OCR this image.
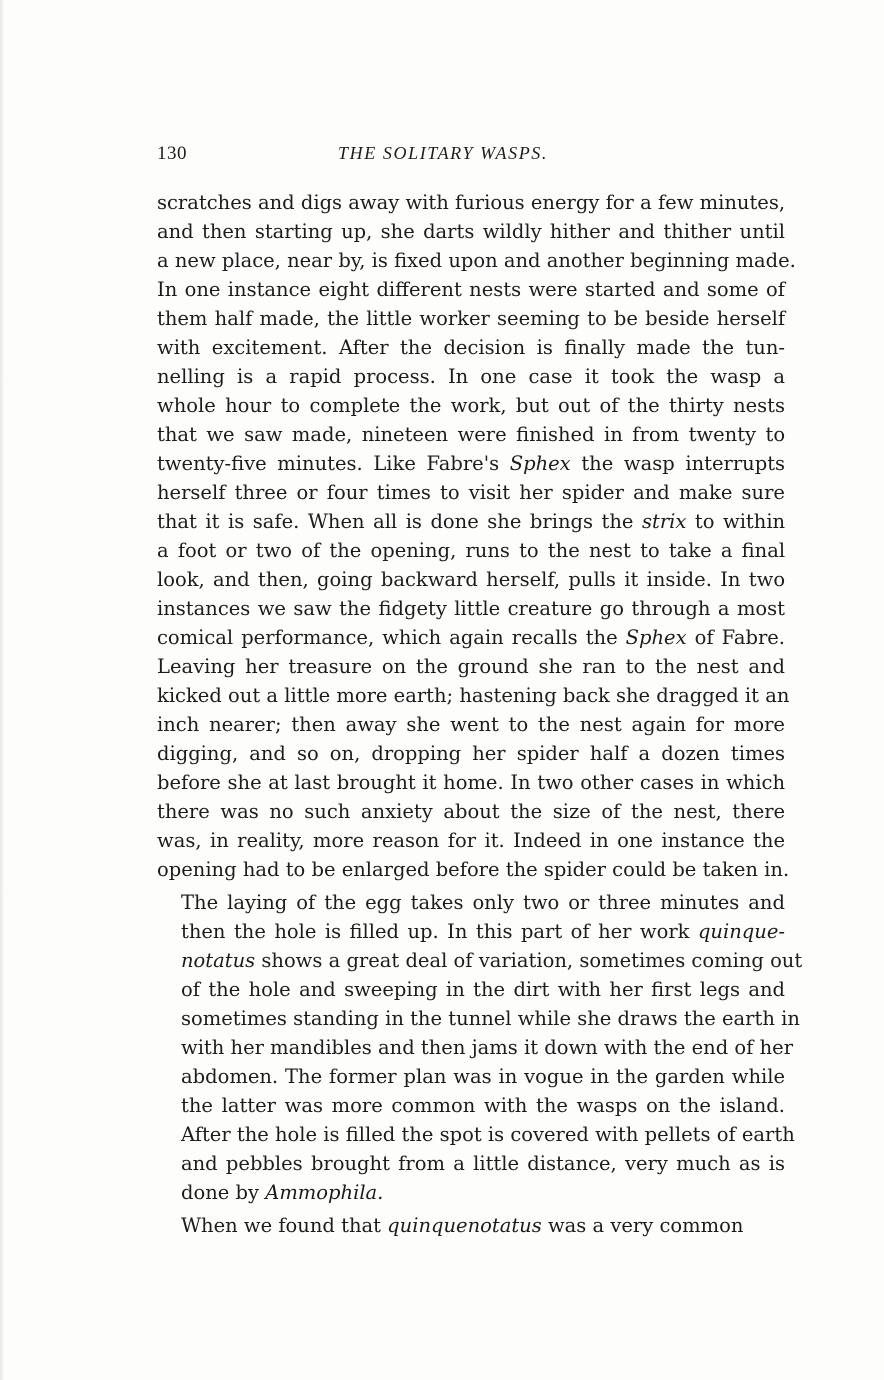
130	THE SOLITARY WASPS.

scratches and digs away with furious energy for a few minutes,
and then starting up, she darts wildly hither and thither until
a new place, near by, is fixed upon and another beginning made.
In one instance eight different nests were started and some of
them half made, the little worker seeming to be beside herself
with excitement. After the decision is finally made the tun-
nelling is a rapid process. In one case it took the wasp a
whole hour to complete the work, but out of the thirty nests
that we saw made, nineteen were finished in from twenty to
twenty-five minutes. Like Fabre's Sphex the wasp interrupts
herself three or four times to visit her spider and make sure
that it is safe. When all is done she brings the strix to within
a foot or two of the opening, runs to the nest to take a final
look, and then, going backward herself, pulls it inside. In two
instances we saw the fidgety little creature go through a most
comical performance, which again recalls the Sphex of Fabre.
Leaving her treasure on the ground she ran to the nest and
kicked out a little more earth; hastening back she dragged it an
inch nearer; then away she went to the nest again for more
digging, and so on, dropping her spider half a dozen times
before she at last brought it home. In two other cases in which
there was no such anxiety about the size of the nest, there
was, in reality, more reason for it. Indeed in one instance the
opening had to be enlarged before the spider could be taken in.

The laying of the egg takes only two or three minutes and
then the hole is filled up. In this part of her work quinque-
notatus shows a great deal of variation, sometimes coming out
of the hole and sweeping in the dirt with her first legs and
sometimes standing in the tunnel while she draws the earth in
with her mandibles and then jams it down with the end of her
abdomen. The former plan was in vogue in the garden while
the latter was more common with the wasps on the island.
After the hole is filled the spot is covered with pellets of earth
and pebbles brought from a little distance, very much as is
done by Ammophila.

When we found that quinquenotatus was a very common
